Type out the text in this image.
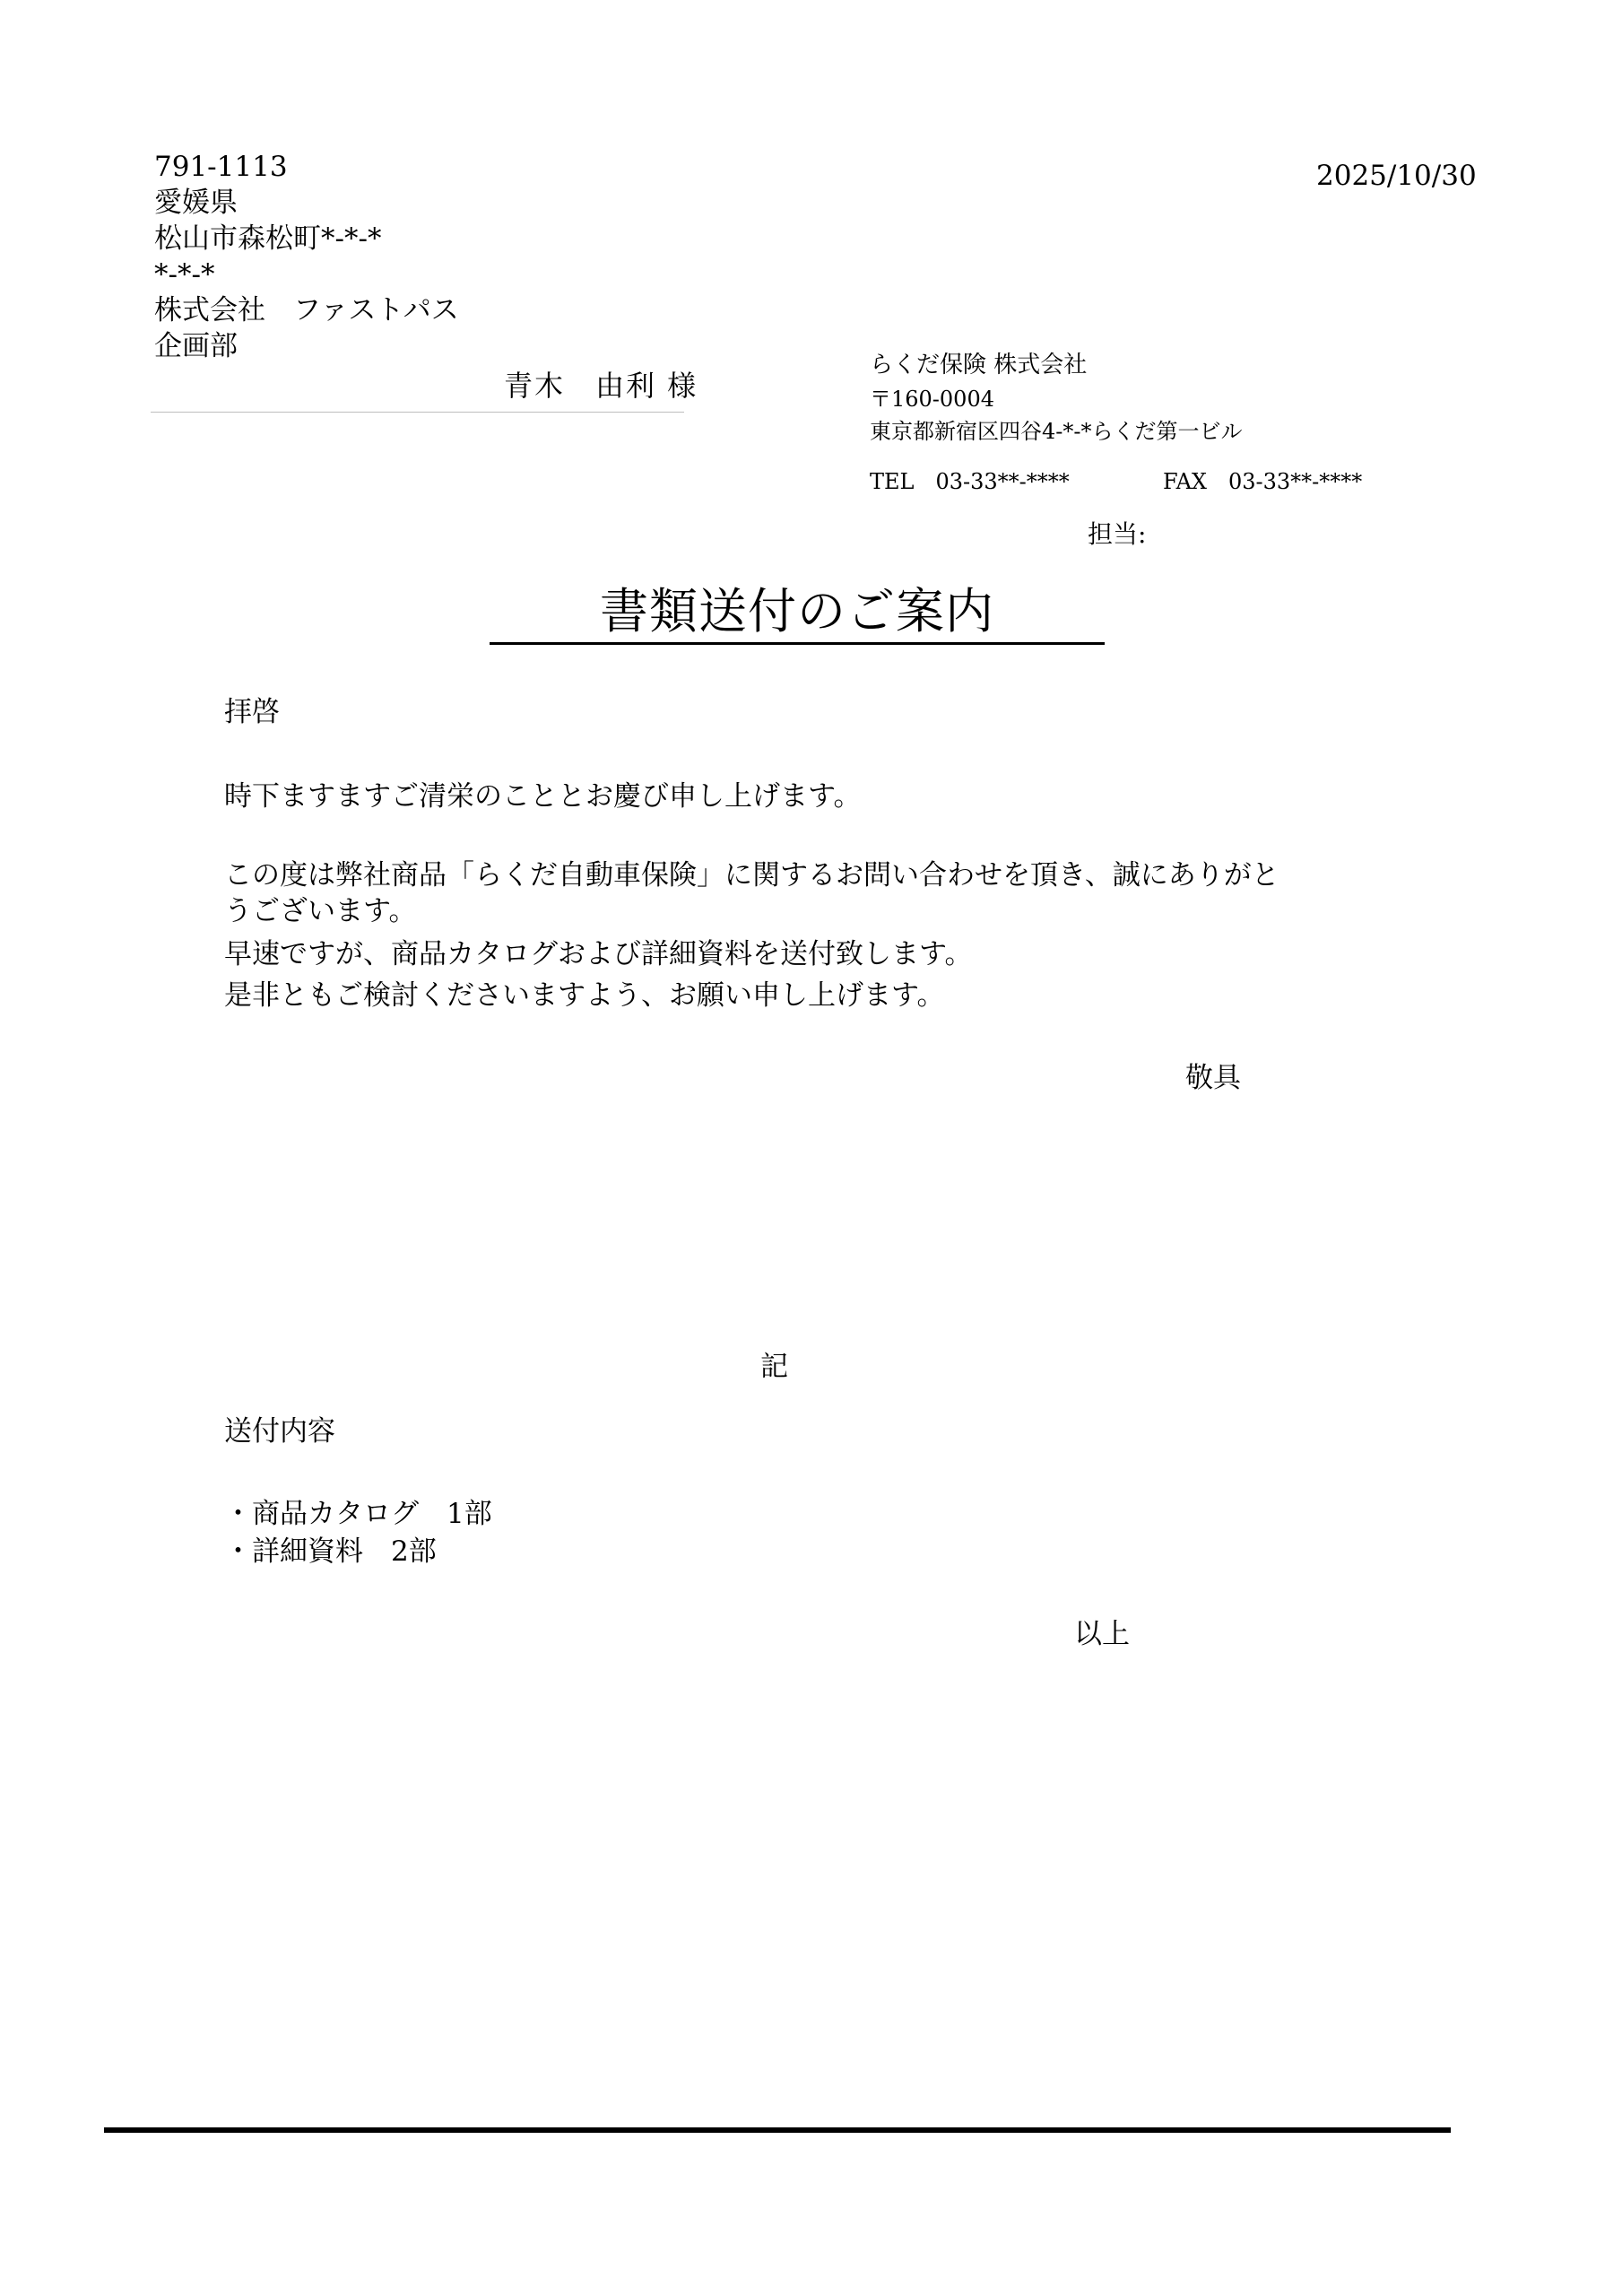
791-1113
愛媛県
松山市森松町*-*-*
*-*-*
株式会社　ファストパス
企画部
青木　由利 様
2025/10/30
らくだ保険 株式会社
〒160-0004
東京都新宿区四谷4-*-*らくだ第一ビル
TEL　03-33**-****	FAX　03-33**-****
担当:
書類送付のご案内
拝啓
時下ますますご清栄のこととお慶び申し上げます。
この度は弊社商品「らくだ自動車保険」に関するお問い合わせを頂き、誠にありがと
うございます。
早速ですが、商品カタログおよび詳細資料を送付致します。
是非ともご検討くださいますよう、お願い申し上げます。
敬具
記
送付内容
・商品カタログ　1部
・詳細資料　2部
以上
